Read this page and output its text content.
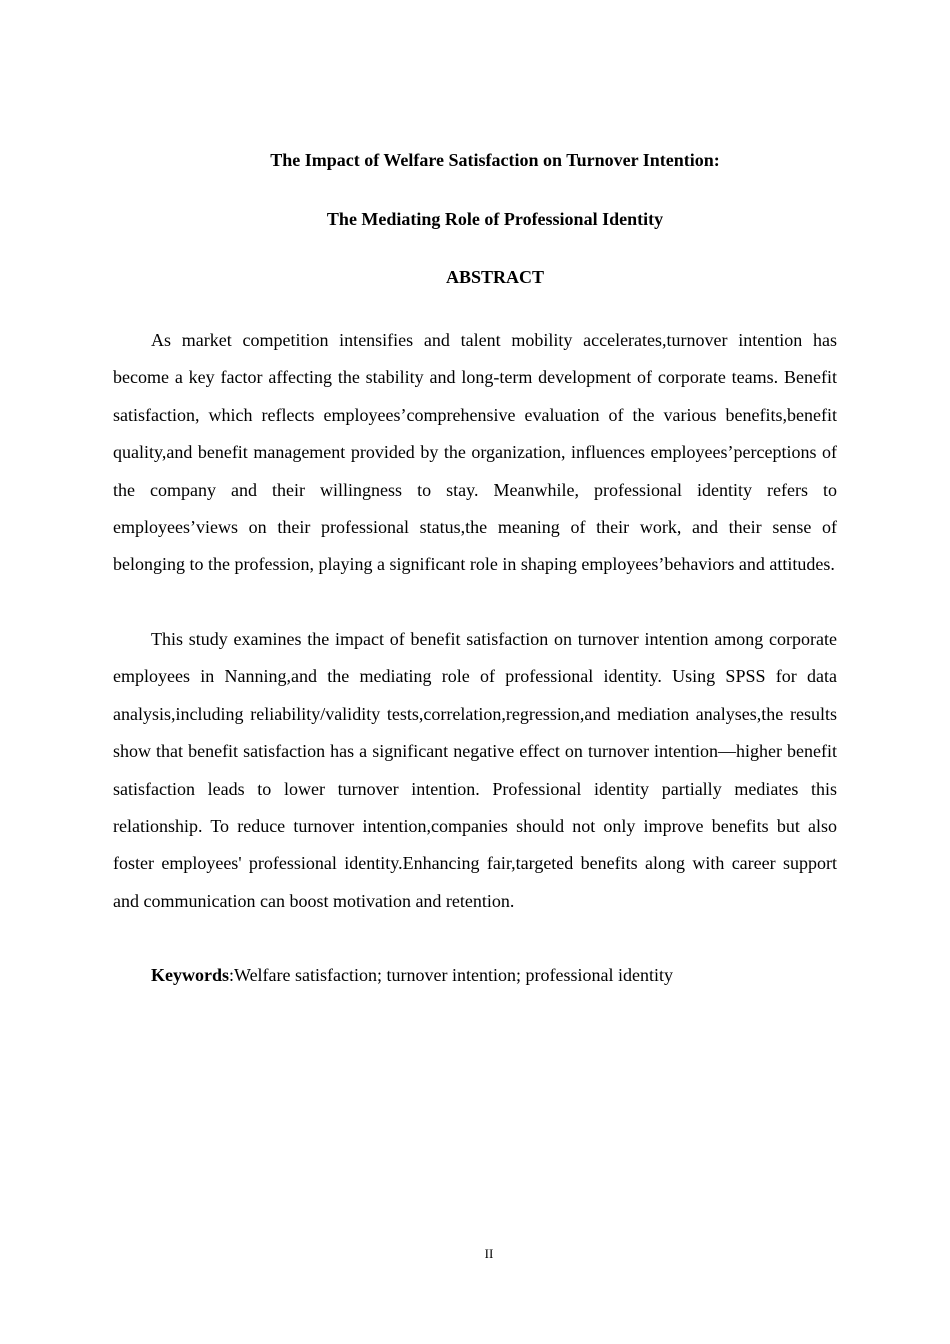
The Impact of Welfare Satisfaction on Turnover Intention:

The Mediating Role of Professional Identity

ABSTRACT

As market competition intensifies and talent mobility accelerates,turnover intention has become a key factor affecting the stability and long-term development of corporate teams. Benefit satisfaction, which reflects employees’comprehensive evaluation of the various benefits,benefit quality,and benefit management provided by the organization, influences employees’perceptions of the company and their willingness to stay. Meanwhile, professional identity refers to employees’views on their professional status,the meaning of their work, and their sense of belonging to the profession, playing a significant role in shaping employees’behaviors and attitudes.

This study examines the impact of benefit satisfaction on turnover intention among corporate employees in Nanning,and the mediating role of professional identity. Using SPSS for data analysis,including reliability/validity tests,correlation,regression,and mediation analyses,the results show that benefit satisfaction has a significant negative effect on turnover intention—higher benefit satisfaction leads to lower turnover intention. Professional identity partially mediates this relationship. To reduce turnover intention,companies should not only improve benefits but also foster employees' professional identity.Enhancing fair,targeted benefits along with career support and communication can boost motivation and retention.

Keywords:Welfare satisfaction; turnover intention; professional identity

II
